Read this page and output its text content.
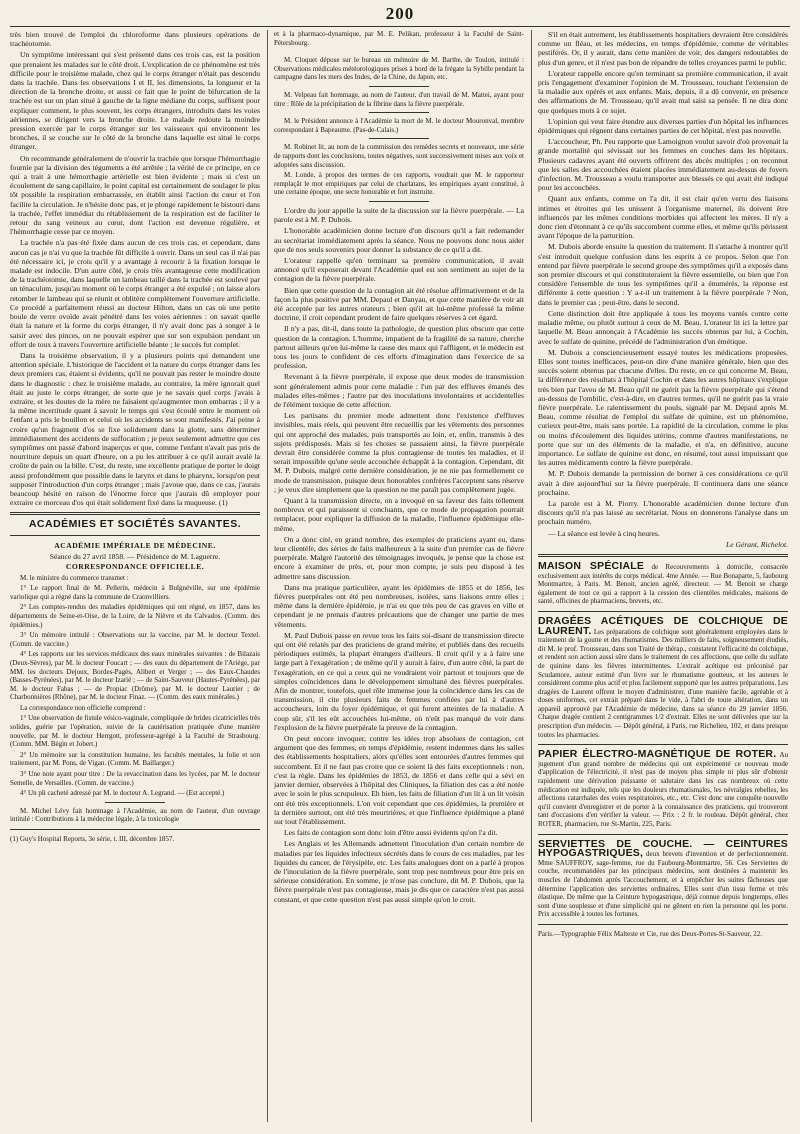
200

très bien trouvé de l'emploi du chloroforme dans plusieurs opérations de trachéotomie.

Un symptôme intéressant qui s'est présenté dans ces trois cas, est la position que prenaient les malades sur le côté droit. L'explication de ce phénomène est très difficile pour le troisième malade, chez qui le corps étranger n'était pas descendu dans la trachée. Dans les observations I et II, les dimensions, la longueur et la direction de la bronche droite, et aussi ce fait que le point de bifurcation de la trachée est sur un plan situé à gauche de la ligne médiane du corps, suffisent pour expliquer comment, le plus souvent, les corps étrangers, introduits dans les voies aériennes, se dirigent vers la bronche droite. Le malade redoute la moindre pression exercée par le corps étranger sur les vaisseaux qui environnent les bronches, il se couche sur le côté de la bronche dans laquelle est situé le corps étranger.

On recommande généralement de n'ouvrir la trachée que lorsque l'hémorrhagie fournie par la division des téguments a été arrêtée ; la vérité de ce principe, en ce qui a trait à une hémorrhagie artérielle est bien évidente ; mais si c'est un écoulement de sang capillaire, le point capital est certainement de soulager le plus tôt possible la respiration embarrassée, en établit ainsi l'action du cœur et l'on facilite la circulation. Je n'hésite donc pas, et je plonge rapidement le bistouri dans la trachée, l'effet immédiat du rétablissement de la respiration est de faciliter le retour du sang veineux au cœur, dont l'action est devenue régulière, et l'hémorrhagie cesse par ce moyen.

La trachée n'a pas été fixée dans aucun de ces trois cas, et cependant, dans aucun cas je n'ai vu que la trachée fût difficile à ouvrir. Dans un seul cas il n'ai pas été nécessaire ici, je crois qu'il y a avantage à recourir à la fixation lorsque le malade est indocile. D'un autre côté, je crois très avantageuse cette modification de la trachéotomie, dans laquelle un lambeau taillé dans la trachée est soulevé par un ténaculum, jusqu'au moment où le corps étranger a été expulsé ; on laisse alors retomber le lambeau qui se réunit et oblitère complètement l'ouverture artificielle. Ce procédé a parfaitement réussi au docteur Hilton, dans un cas où une petite boule de verre ovoïde avait pénétré dans les voies aériennes : on savait quelle était la nature et la forme du corps étranger, il n'y avait donc pas à songer à le saisir avec des pinces, on ne pouvait espérer que sur son expulsion pendant un effort de toux à travers l'ouverture artificielle béante ; le succès fut complet.

Dans la troisième observation, il y a plusieurs points qui demandent une attention spéciale. L'historique de l'accident et la nature du corps étranger dans les deux premiers cas, étaient si évidents, qu'il ne pouvait pas rester le moindre doute dans le diagnostic : chez le troisième malade, au contraire, la mère ignorait quel était au juste le corps étranger, de sorte que je ne savais quel corps j'avais à extraire, et les doutes de la mère ne faisaient qu'augmenter mon embarras ; il y a la même incertitude quant à savoir le temps qui s'est écoulé entre le moment où l'enfant a pris le bouillon et celui où les accidents se sont manifestés. J'ai peine à croire qu'un fragment d'os se fixe solidement dans la glotte, sans déterminer immédiatement des accidents de suffocation ; je peux seulement admettre que ces symptômes ont passé d'abord inaperçus et que, comme l'enfant n'avait pas pris de nourriture depuis un quart d'heure, on a pu les attribuer à ce qu'il aurait avalé la croûte de pain ou la bille. C'est, du reste, une excellente pratique de porter le doigt aussi profondément que possible dans le larynx et dans le pharynx, lorsqu'on peut supposer l'introduction d'un corps étranger ; mais j'avoue que, dans ce cas, j'aurais beaucoup hésité en raison de l'énorme force que j'aurais dû employer pour extraire ce morceau d'os qui était solidement fixé dans la muqueuse. (1)

ACADÉMIES ET SOCIÉTÉS SAVANTES.
ACADÉMIE IMPÉRIALE DE MÉDECINE.
Séance du 27 avril 1858. — Présidence de M. Laguerre.
CORRESPONDANCE OFFICIELLE.

M. le ministre du commerce transmet :

1° Le rapport final de M. Pellerin, médecin à Bulgnéville, sur une épidémie variolique qui a régné dans la commune de Craonvilliers.

2° Les comptes-rendus des maladies épidémiques qui ont régné, en 1857, dans les départements de Seine-et-Oise, de la Loire, de la Nièvre et du Calvados. (Comm. des épidémies.)

3° Un mémoire intitulé : Observations sur la vaccine, par M. le docteur Textel. (Comm. de vaccine.)

4° Les rapports sur les services médicaux des eaux minérales suivantes : de Bilazais (Deux-Sèvres), par M. le docteur Foucart ; — des eaux du département de l'Ariége, par MM. les docteurs Dejoux, Bordes-Pagès, Alibert et Verger ; — des Eaux-Chaudes (Basses-Pyrénées), par M. le docteur Izarié ; — de Saint-Sauveur (Hautes-Pyrénées), par M. le docteur Fabas ; — de Propiac (Drôme), par M. le docteur Laurier ; de Charbonnières (Rhône), par M. le docteur Finaz. — (Comm. des eaux minérales.)

La correspondance non officielle comprend :

1° Une observation de fistule vésico-vaginale, compliquée de brides cicatricielles très solides, guérie par l'opération, suivie de la cautérisation pratiquée d'une manière nouvelle, par M. le docteur Herrgott, professeur-agrégé à la Faculté de Strasbourg. (Comm. MM. Bégin et Jobert.)

2° Un mémoire sur la constitution humaine, les facultés mentales, la folie et son traitement, par M. Pons, de Vigan. (Comm. M. Baillarger.)

3° Une note ayant pour titre : De la revaccination dans les lycées, par M. le docteur Semelle, de Versailles. (Comm. de vaccine.)

4° Un pli cacheté adressé par M. le docteur A. Legrand. — (Est accepté.)

M. Michel Lévy fait hommage à l'Académie, au nom de l'auteur, d'un ouvrage intitulé : Contributions à la médecine légale, à la toxicologie

(1) Guy's Hospital Reports, 3e série, t. III, décembre 1857.

et à la pharmaco-dynamique, par M. E. Pelikan, professeur à la Faculté de Saint-Pétersbourg.

M. Cloquet dépose sur le bureau un mémoire de M. Barthe, de Toulon, intitulé : Observations médicales météorologiques prises à bord de la frégate la Sybille pendant la campagne dans les mers des Indes, de la Chine, du Japon, etc.

M. Velpeau fait hommage, au nom de l'auteur, d'un travail de M. Mattei, ayant pour titre : Rôle de la précipitation de la fibrine dans la fièvre puerpérale.

M. le Président annonce à l'Académie la mort de M. le docteur Mouronval, membre correspondant à Bapeaume. (Pas-de-Calais.)

M. Robinet lit, au nom de la commission des remèdes secrets et nouveaux, une série de rapports dont les conclusions, toutes négatives, sont successivement mises aux voix et adoptées sans discussion.

M. Londe, à propos des termes de ces rapports, voudrait que M. le rapporteur remplaçât le mot empiriques par celui de charlatans, les empiriques ayant constitué, à une certaine époque, une secte honorable et fort instruite.

L'ordre du jour appelle la suite de la discussion sur la fièvre puerpérale. — La parole est à M. P. Dubois.

L'honorable académicien donne lecture d'un discours qu'il a fait redemander au secrétariat immédiatement après la séance. Nous ne pouvons donc nous aider que de nos seuls souvenirs pour donner la substance de ce qu'il a dit.

L'orateur rappelle qu'en terminant sa première communication, il avait annoncé qu'il exposerait devant l'Académie quel est son sentiment au sujet de la contagion de la fièvre puerpérale.

Bien que cette question de la contagion ait été résolue affirmativement et de la façon la plus positive par MM. Depaul et Danyau, et que cette manière de voir ait été acceptée par les autres orateurs ; bien qu'il ait lui-même professé la même doctrine, il croit cependant prudent de faire quelques réserves à cet égard.

Il n'y a pas, dit-il, dans toute la pathologie, de question plus obscure que cette question de la contagion. L'homme, impatient de la fragilité de sa nature, cherche partout ailleurs qu'en lui-même la cause des maux qui l'affligent, et le médecin est tous les jours le confident de ces efforts d'imagination dans l'exercice de sa profession.

Revenant à la fièvre puerpérale, il expose que deux modes de transmission sont généralement admis pour cette maladie : l'un par des effluves émanés des malades elles-mêmes ; l'autre par des inoculations involontaires et accidentelles de l'élément toxique de cette affection.

Les partisans du premier mode admettent donc l'existence d'effluves invisibles, mais réels, qui peuvent être recueillis par les vêtements des personnes qui ont approché des malades, puis transportés au loin, et, enfin, transmis à des sujets prédisposés. Mais si les choses se passaient ainsi, la fièvre puerpérale devrait être considérée comme la plus contagieuse de toutes les maladies, et il serait impossible qu'une seule accouchée échappât à la contagion. Cependant, dit M. P. Dubois, malgré cette dernière considération, je ne nie pas formellement ce mode de transmission, puisque deux honorables confrères l'acceptent sans réserve ; je veux dire simplement que la question ne me paraît pas complètement jugée.

Quant à la transmission directe, on a invoqué en sa faveur des faits tellement nombreux et qui paraissent si concluants, que ce mode de propagation pourrait remplacer, pour expliquer la diffusion de la maladie, l'influence épidémique elle-même.

On a donc cité, en grand nombre, des exemples de praticiens ayant eu, dans leur clientèle, des séries de faits malheureux à la suite d'un premier cas de fièvre puerpérale. Malgré l'autorité des témoignages invoqués, je pense que la chose est encore à examiner de près, et, pour mon compte, je suis peu disposé à les admettre sans discussion.

Dans ma pratique particulière, ayant les épidémies de 1855 et de 1856, les fièvres puerpérales ont été peu nombreuses, isolées, sans liaisons entre elles ; même dans la dernière épidémie, je n'ai eu que très peu de cas graves en ville et cependant je ne prenais d'autres précautions que de changer une partie de mes vêtements.

M. Paul Dubois passe en revue tous les faits soi-disant de transmission directe qui ont été relatés par des praticiens de grand mérite, et publiés dans des recueils périodiques estimés, la plupart étrangers d'ailleurs. Il croit qu'il y a à faire une large part à l'exagération ; de même qu'il y aurait à faire, d'un autre côté, la part de l'exagération, en ce qui a ceux qui ne voudraient voir partout et toujours que de simples coïncidences dans le développement simultané des fièvres puerpérales. Afin de montrer, toutefois, quel rôle immense joue la coïncidence dans les cas de transmission, il cite plusieurs faits de femmes confiées par lui à d'autres accoucheurs, loin du foyer épidémique, et qui furent atteintes de la maladie. A coup sûr, s'il les eût accouchées lui-même, où n'eût pas manqué de voir dans l'explosion de la fièvre puerpérale la preuve de la contagion.

On peut encore invoquer, contre les idées trop absolues de contagion, cet argument que des femmes, en temps d'épidémie, restent indemnes dans les salles des établissements hospitaliers, alors qu'elles sont entourées d'autres femmes qui succombent. Et il ne faut pas croire que ce soient là des faits exceptionnels : non, c'est la règle. Dans les épidémies de 1853, de 1856 et dans celle qui a sévi en janvier dernier, observées à l'hôpital des Cliniques, la filiation des cas a été notée avec le soin le plus scrupuleux. Eh bien, les faits de filiation d'un lit à un lit voisin ont été très exceptionnels. L'on voit cependant que ces épidémies, la première et la dernière surtout, ont été très meurtrières, et que l'influence épidémique a plané sur tout l'établissement.

Les faits de contagion sont donc loin d'être aussi évidents qu'on l'a dit.

Les Anglais et les Allemands admettent l'inoculation d'un certain nombre de maladies par les liquides infectieux sécrétés dans le cours de ces maladies, par les liquides du cancer, de l'érysipèle, etc. Les faits analogues dont on a parlé à propos de l'inoculation de la fièvre puerpérale, sont trop peu nombreux pour être pris en sérieuse considération. En somme, je n'ose pas conclure, dit M. P. Dubois, que la fièvre puerpérale n'est pas contagieuse, mais je dis que ce caractère n'est pas aussi constant, et que cette question n'est pas aussi simple qu'on le croit.

S'il en était autrement, les établissements hospitaliers devraient être considérés comme un fléau, et les médecins, en temps d'épidémie, comme de véritables pestiférés. Or, il y aurait, dans cette manière de voir, des dangers redoutables de plus d'un genre, et il n'est pas bon de répandre de telles croyances parmi le public.

L'orateur rappelle encore qu'en terminant sa première communication, il avait pris l'engagement d'examiner l'opinion de M. Trousseau, touchant l'extension de la maladie aux opérés et aux enfants. Mais, depuis, il a dû convenir, en présence des affirmations de M. Trousseau, qu'il avait mal saisi sa pensée. Il ne dira donc que quelques mots à ce sujet.

L'opinion qui veut faire étendre aux diverses parties d'un hôpital les influences épidémiques qui règnent dans certaines parties de cet hôpital, n'est pas nouvelle.

L'accoucheur, Ph. Peu rapporte que Lamoignon voulut savoir d'où provenait la grande mortalité qui sévissait sur les femmes en couches dans les hôpitaux. Plusieurs cadavres ayant été ouverts offrirent des abcès multiples ; on reconnut que les salles des accouchées étaient placées immédiatement au-dessus de foyers d'infection. M. Trousseau a voulu transporter aux blessés ce qui avait été indiqué pour les accouchées.

Quant aux enfants, comme on l'a dit, il est clair qu'en vertu des liaisons intimes et étroites qui les unissent à l'organisme maternel, ils doivent être influencés par les mêmes conditions morbides qui affectent les mères. Il n'y a donc rien d'étonnant à ce qu'ils succombent comme elles, et même qu'ils périssent avant l'époque de la parturition.

M. Dubois aborde ensuite la question du traitement. Il s'attache à montrer qu'il s'est introduit quelque confusion dans les esprits à ce propos. Selon que l'on entend par fièvre puerpérale le second groupe des symptômes qu'il a exposés dans son premier discours et qui constituteraient la fièvre essentielle, ou bien que l'on considère l'ensemble de tous les symptômes qu'il a énumérés, la réponse est différente à cette question : Y a-t-il un traitement à la fièvre puerpérale ? Non, dans le premier cas ; peut-être, dans le second.

Cette distinction doit être appliquée à tous les moyens vantés contre cette maladie même, ou plutôt surtout à ceux de M. Beau. L'orateur lit ici la lettre par laquelle M. Beau annonçait à l'Académie les succès obtenus par lui, à Cochin, avec le sulfate de quinine, précédé de l'administration d'un émétique.

M. Dubois a consciencieusement essayé toutes les médications proposées. Elles sont toutes inefficaces, peut-on dire d'une manière générale, bien que des succès soient obtenus par chacune d'elles. Du reste, en ce qui concerne M. Beau, la différence des résultats à l'hôpital Cochin et dans les autres hôpitaux s'explique très bien par l'aveu de M. Beau qu'il ne guérit pas la fièvre puerpérale qui s'étend au-dessus de l'ombilic, c'est-à-dire, en d'autres termes, qu'il ne guérit pas la vraie fièvre puerpérale. Le ralentissement du pouls, signalé par M. Depaul après M. Beau, comme résultat de l'emploi du sulfate de quinine, est un phénomène, curieux peut-être, mais sans portée. La rapidité de la circulation, comme le plus ou moins d'écoulement des liquides utérins, comme d'autres manifestations, ne porte que sur un des éléments de la maladie, et n'a, en définitive, aucune importance. Le sulfate de quinine est donc, en résumé, tout aussi impuissant que les autres médicaments contre la fièvre puerpérale.

M. P. Dubois demande la permission de borner à ces considérations ce qu'il avait à dire aujourd'hui sur la fièvre puerpérale. Il continuera dans une séance prochaine.

La parole est à M. Piorry. L'honorable académicien donne lecture d'un discours qu'il n'a pas laissé au secrétariat. Nous en donnerons l'analyse dans un prochain numéro.

— La séance est levée à cinq heures.

Le Gérant, Richelot.

MAISON SPÉCIALE de Recouvrements à domicile, consacrée exclusivement aux intérêts du corps médical. 4me Année. — Rue Bonaparte, 5, faubourg Montmartre, à Paris. M. Benoit, ancien agréé, directeur. — M. Benoit se charge également de tout ce qui a rapport à la cession des clientèles médicales, maisons de santé, officines de pharmaciens, brevets, etc.

DRAGÉES ACÉTIQUES DE COLCHIQUE DE LAURENT. Les préparations de colchique sont généralement employées dans le traitement de la goutte et des rhumatismes. Des milliers de faits, soigneusement étudiés, dit M. le prof. Trousseau, dans son Traité de thérap., constatent l'efficacité du colchique, et rendent son action aussi sûre dans le traitement de ces affections, que celle du sulfate de quinine dans les fièvres intermittentes. L'extrait acétique est préconisé par Scudamore, auteur estimé d'un livre sur le rhumatisme goutteux, et les auteurs le considèrent comme plus actif et plus facilement supporté que les autres préparations. Les dragées de Laurent offrent le moyen d'administrer, d'une manière facile, agréable et à doses uniformes, cet extrait préparé dans le vide, à l'abri de toute altération, dans un appareil approuvé par l'Académie de médecine, dans sa séance du 29 janvier 1856. Chaque dragée contient 2 centigrammes 1/2 d'extrait. Elles ne sont délivrées que sur la prescription d'un médecin. — Dépôt général, à Paris, rue Richelieu, 102, et dans presque toutes les pharmacies.

PAPIER ÉLECTRO-MAGNÉTIQUE DE ROTER. Au jugement d'un grand nombre de médecins qui ont expérimenté ce nouveau mode d'application de l'électricité, il n'est pas de moyen plus simple ni plus sûr d'obtenir rapidement une dérivation puissante et salutaire dans les cas nombreux où cette médication est indiquée, tels que les douleurs rhumatismales, les névralgies rebelles, les affections catarrhales des voies respiratoires, etc., etc. C'est donc une conquête nouvelle qu'il convient d'enregistrer et de porter à la connaissance des praticiens, qui trouveront tant d'occasions d'en vérifier la valeur. — Prix : 2 fr. le rouleau. Dépôt général, chez ROTER, pharmacien, rue St-Martin, 225, Paris.

SERVIETTES DE COUCHE. — CEINTURES HYPOGASTRIQUES, deux brevets d'invention et de perfectionnement. Mme SAUFFROY, sage-femme, rue du Faubourg-Montmartre, 56. Ces Serviettes de couche, recommandées par les principaux médecins, sont destinées à maintenir les muscles de l'abdomen après l'accouchement, et à empêcher les suites fâcheuses que détermine l'application des serviettes ordinaires. Elles sont d'un tissu ferme et très élastique. De même que la Ceinture hypogastrique, déjà connue depuis longtemps, elles sont d'une souplesse et d'une simplicité qui ne gênent en rien la personne qui les porte. Prix accessible à toutes les fortunes.

Paris.—Typographie Félix Malteste et Cie, rue des Deux-Portes-St-Sauveur, 22.
